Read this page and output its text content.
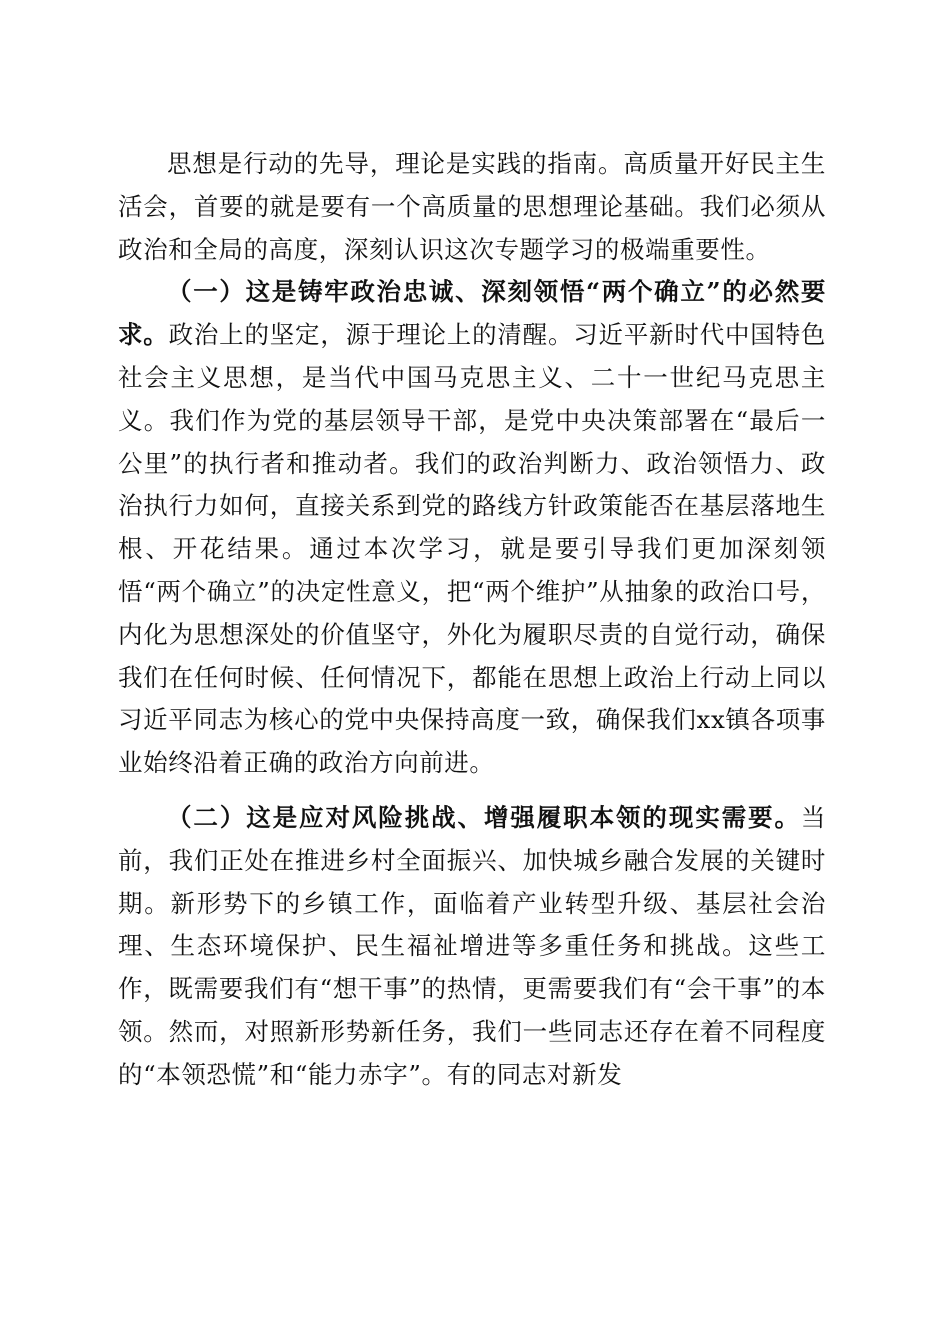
思想是行动的先导，理论是实践的指南。高质量开好民主生活会，首要的就是要有一个高质量的思想理论基础。我们必须从政治和全局的高度，深刻认识这次专题学习的极端重要性。

（一）这是铸牢政治忠诚、深刻领悟“两个确立”的必然要求。政治上的坚定，源于理论上的清醒。习近平新时代中国特色社会主义思想，是当代中国马克思主义、二十一世纪马克思主义。我们作为党的基层领导干部，是党中央决策部署在“最后一公里”的执行者和推动者。我们的政治判断力、政治领悟力、政治执行力如何，直接关系到党的路线方针政策能否在基层落地生根、开花结果。通过本次学习，就是要引导我们更加深刻领悟“两个确立”的决定性意义，把“两个维护”从抽象的政治口号，内化为思想深处的价值坚守，外化为履职尽责的自觉行动，确保我们在任何时候、任何情况下，都能在思想上政治上行动上同以习近平同志为核心的党中央保持高度一致，确保我们xx镇各项事业始终沿着正确的政治方向前进。

（二）这是应对风险挑战、增强履职本领的现实需要。当前，我们正处在推进乡村全面振兴、加快城乡融合发展的关键时期。新形势下的乡镇工作，面临着产业转型升级、基层社会治理、生态环境保护、民生福祉增进等多重任务和挑战。这些工作，既需要我们有“想干事”的热情，更需要我们有“会干事”的本领。然而，对照新形势新任务，我们一些同志还存在着不同程度的“本领恐慌”和“能力赤字”。有的同志对新发
